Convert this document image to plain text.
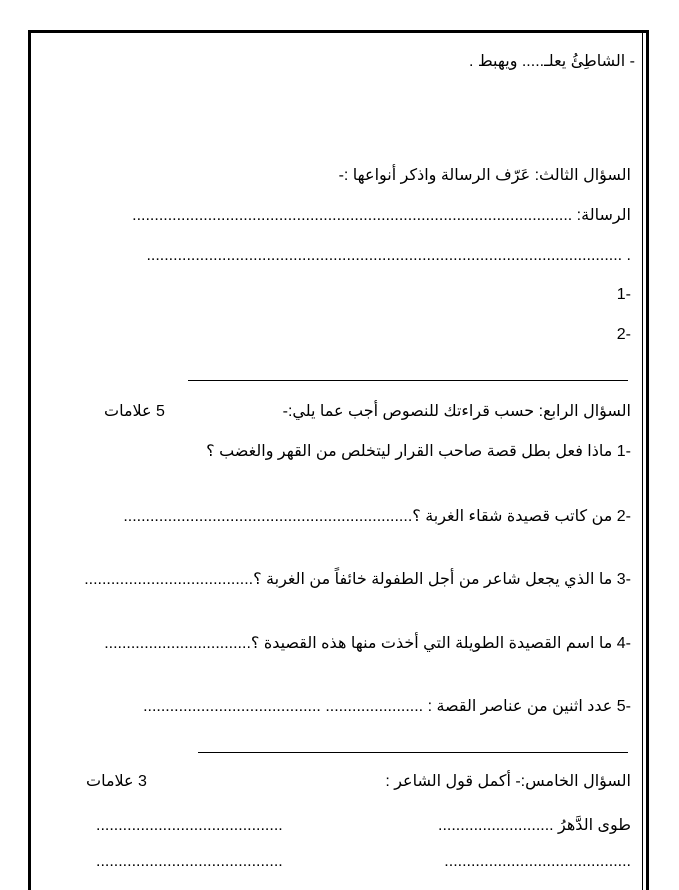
- الشاطِئُ يعلـ..... ويهبط .
السؤال الثالث: عَرّف الرسالة واذكر أنواعها :-
الرسالة: ...................................................................................................
. ...........................................................................................................
-1
-2
السؤال الرابع: حسب قراءتك للنصوص أجب عما يلي:-
5 علامات
-1 ماذا فعل بطل قصة صاحب القرار ليتخلص من القهر والغضب ؟
-2 من كاتب قصيدة شقاء الغربة ؟.................................................................
-3 ما الذي يجعل شاعر من أجل الطفولة خائفاً من الغربة ؟......................................
-4 ما اسم القصيدة الطويلة التي أخذت منها هذه القصيدة ؟.................................
-5 عدد اثنين من عناصر القصة : ...................... ........................................
السؤال الخامس:- أكمل قول الشاعر :
3 علامات
طوى الدَّهرُ ..........................
..........................................
..........................................
..........................................
